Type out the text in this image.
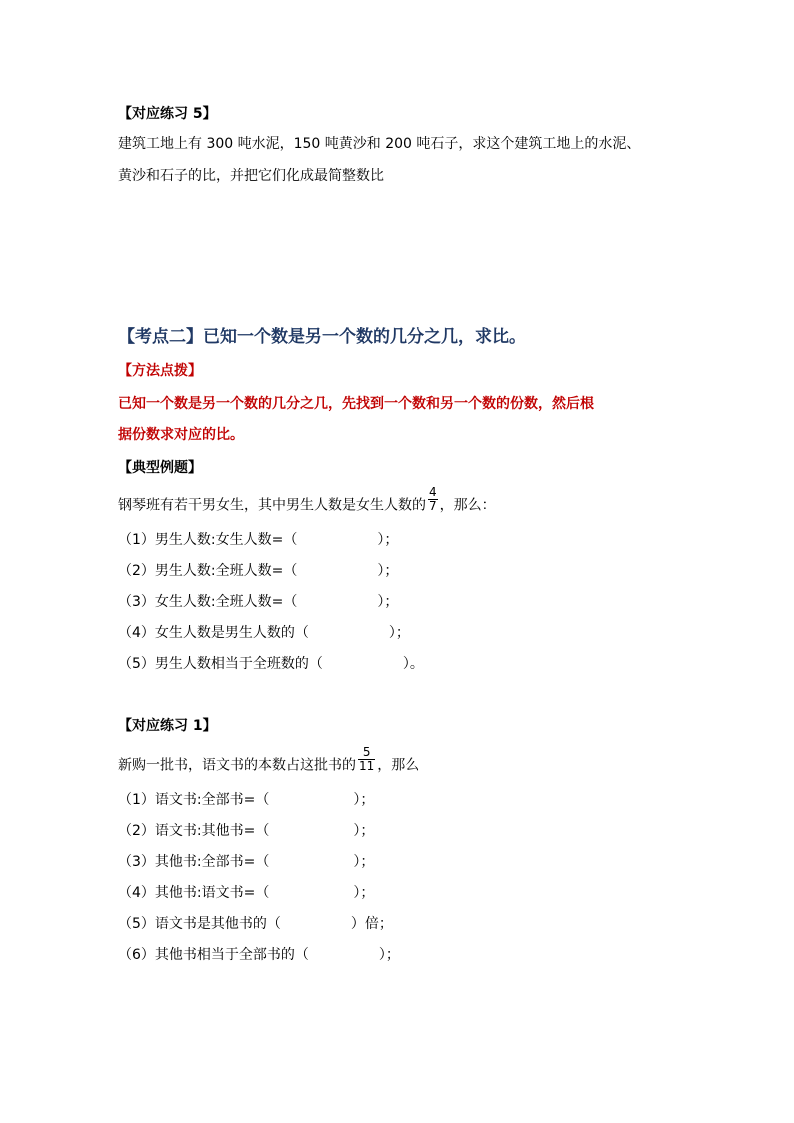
【对应练习 5】
建筑工地上有 300 吨水泥，150 吨黄沙和 200 吨石子，求这个建筑工地上的水泥、
黄沙和石子的比，并把它们化成最简整数比
【考点二】已知一个数是另一个数的几分之几，求比。
【方法点拨】
已知一个数是另一个数的几分之几，先找到一个数和另一个数的份数，然后根
据份数求对应的比。
【典型例题】
钢琴班有若干男女生，其中男生人数是女生人数的 $\frac{4}{7}$ ，那么：
（1）男生人数:女生人数=（	）；
（2）男生人数:全班人数=（	）；
（3）女生人数:全班人数=（	）；
（4）女生人数是男生人数的（	）；
（5）男生人数相当于全班数的（	）。
【对应练习 1】
新购一批书，语文书的本数占这批书的 $\frac{5}{11}$ ，那么
（1）语文书:全部书=（	）；
（2）语文书:其他书=（	）；
（3）其他书:全部书=（	）；
（4）其他书:语文书=（	）；
（5）语文书是其他书的（	）倍；
（6）其他书相当于全部书的（	）；
